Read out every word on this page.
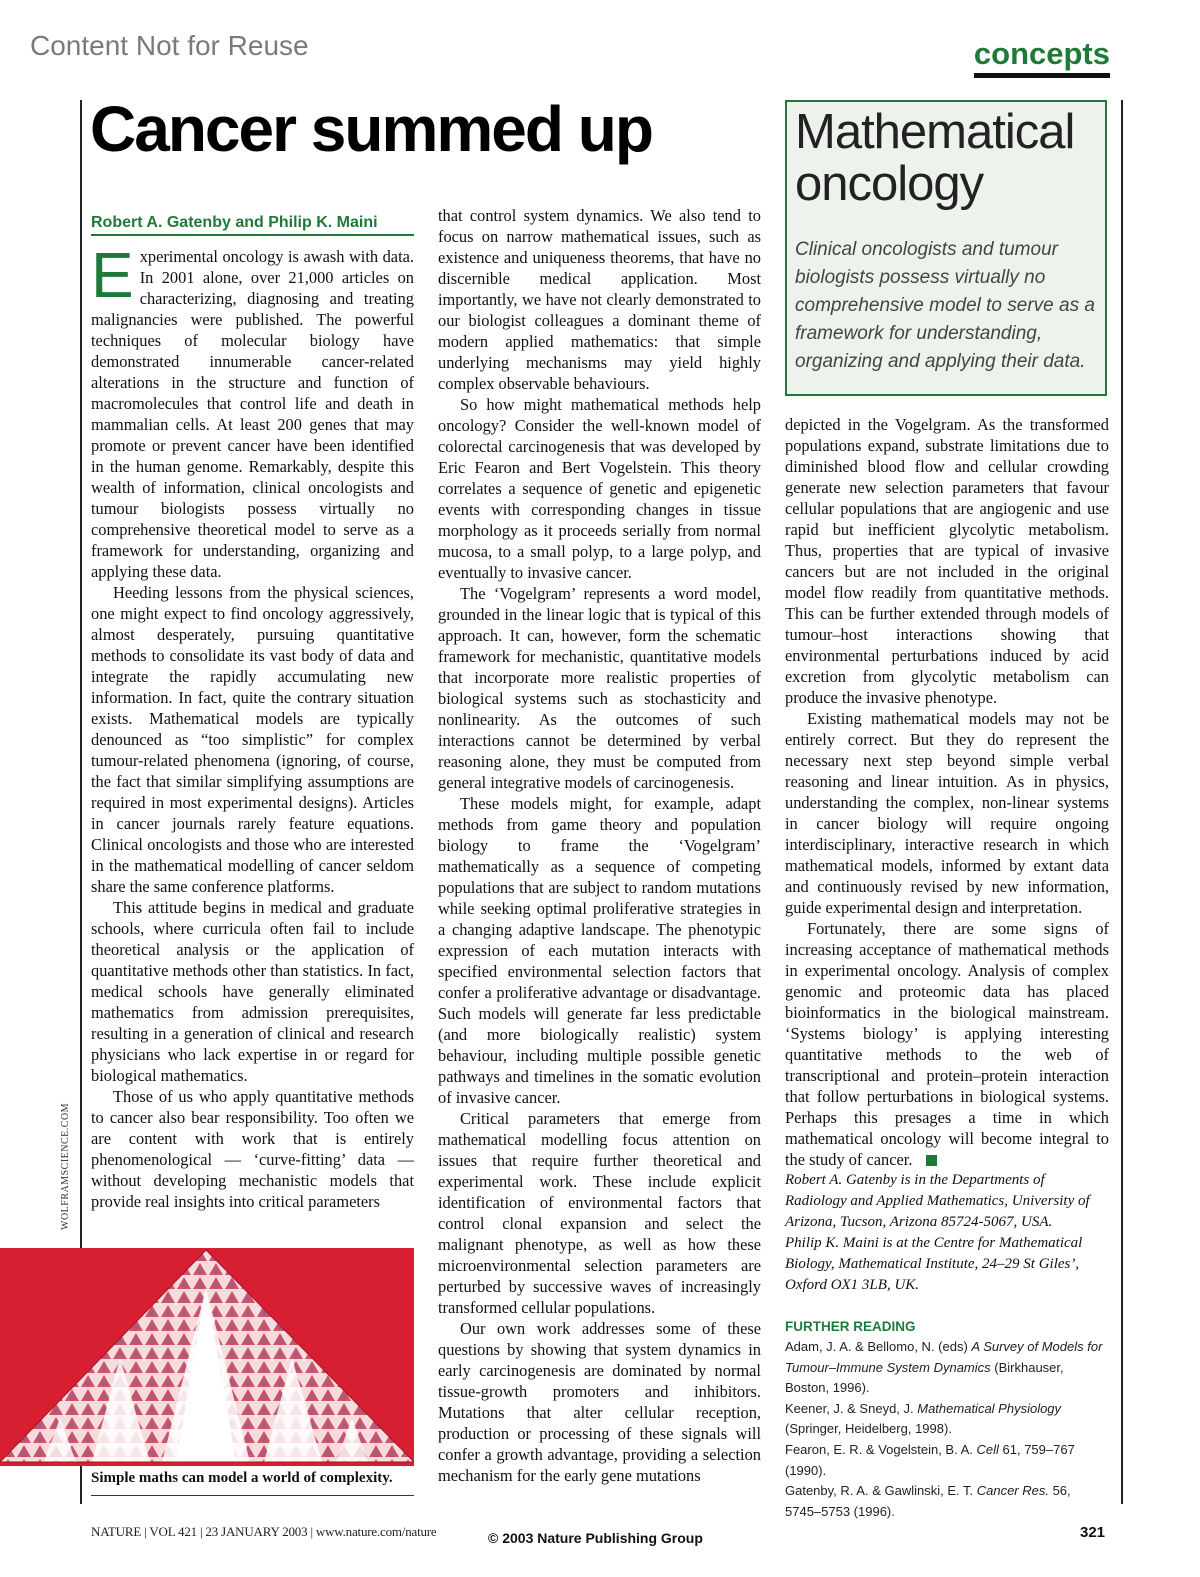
Content Not for Reuse	concepts
WOLFRAMSCIENCE.COM
Cancer summed up
Robert A. Gatenby and Philip K. Maini

Experimental oncology is awash with data. In 2001 alone, over 21,000 articles on characterizing, diagnosing and treating malignancies were published. The powerful techniques of molecular biology have demonstrated innumerable cancer-related alterations in the structure and function of macromolecules that control life and death in mammalian cells. At least 200 genes that may promote or prevent cancer have been identified in the human genome. Remarkably, despite this wealth of information, clinical oncologists and tumour biologists possess virtually no comprehensive theoretical model to serve as a framework for understanding, organizing and applying these data.

Heeding lessons from the physical sciences, one might expect to find oncology aggressively, almost desperately, pursuing quantitative methods to consolidate its vast body of data and integrate the rapidly accumulating new information. In fact, quite the contrary situation exists. Mathematical models are typically denounced as “too simplistic” for complex tumour-related phenomena (ignoring, of course, the fact that similar simplifying assumptions are required in most experimental designs). Articles in cancer journals rarely feature equations. Clinical oncologists and those who are interested in the mathematical modelling of cancer seldom share the same conference platforms.

This attitude begins in medical and graduate schools, where curricula often fail to include theoretical analysis or the application of quantitative methods other than statistics. In fact, medical schools have generally eliminated mathematics from admission prerequisites, resulting in a generation of clinical and research physicians who lack expertise in or regard for biological mathematics.

Those of us who apply quantitative methods to cancer also bear responsibility. Too often we are content with work that is entirely phenomenological — ‘curve-fitting’ data — without developing mechanistic models that provide real insights into critical parameters

Simple maths can model a world of complexity.

that control system dynamics. We also tend to focus on narrow mathematical issues, such as existence and uniqueness theorems, that have no discernible medical application. Most importantly, we have not clearly demonstrated to our biologist colleagues a dominant theme of modern applied mathematics: that simple underlying mechanisms may yield highly complex observable behaviours.

So how might mathematical methods help oncology? Consider the well-known model of colorectal carcinogenesis that was developed by Eric Fearon and Bert Vogelstein. This theory correlates a sequence of genetic and epigenetic events with corresponding changes in tissue morphology as it proceeds serially from normal mucosa, to a small polyp, to a large polyp, and eventually to invasive cancer.

The ‘Vogelgram’ represents a word model, grounded in the linear logic that is typical of this approach. It can, however, form the schematic framework for mechanistic, quantitative models that incorporate more realistic properties of biological systems such as stochasticity and nonlinearity. As the outcomes of such interactions cannot be determined by verbal reasoning alone, they must be computed from general integrative models of carcinogenesis.

These models might, for example, adapt methods from game theory and population biology to frame the ‘Vogelgram’ mathematically as a sequence of competing populations that are subject to random mutations while seeking optimal proliferative strategies in a changing adaptive landscape. The phenotypic expression of each mutation interacts with specified environmental selection factors that confer a proliferative advantage or disadvantage. Such models will generate far less predictable (and more biologically realistic) system behaviour, including multiple possible genetic pathways and timelines in the somatic evolution of invasive cancer.

Critical parameters that emerge from mathematical modelling focus attention on issues that require further theoretical and experimental work. These include explicit identification of environmental factors that control clonal expansion and select the malignant phenotype, as well as how these microenvironmental selection parameters are perturbed by successive waves of increasingly transformed cellular populations.

Our own work addresses some of these questions by showing that system dynamics in early carcinogenesis are dominated by normal tissue-growth promoters and inhibitors. Mutations that alter cellular reception, production or processing of these signals will confer a growth advantage, providing a selection mechanism for the early gene mutations

Mathematical
oncology
Clinical oncologists and tumour biologists possess virtually no comprehensive model to serve as a framework for understanding, organizing and applying their data.

depicted in the Vogelgram. As the transformed populations expand, substrate limitations due to diminished blood flow and cellular crowding generate new selection parameters that favour cellular populations that are angiogenic and use rapid but inefficient glycolytic metabolism. Thus, properties that are typical of invasive cancers but are not included in the original model flow readily from quantitative methods. This can be further extended through models of tumour–host interactions showing that environmental perturbations induced by acid excretion from glycolytic metabolism can produce the invasive phenotype.

Existing mathematical models may not be entirely correct. But they do represent the necessary next step beyond simple verbal reasoning and linear intuition. As in physics, understanding the complex, non-linear systems in cancer biology will require ongoing interdisciplinary, interactive research in which mathematical models, informed by extant data and continuously revised by new information, guide experimental design and interpretation.

Fortunately, there are some signs of increasing acceptance of mathematical methods in experimental oncology. Analysis of complex genomic and proteomic data has placed bioinformatics in the biological mainstream. ‘Systems biology’ is applying interesting quantitative methods to the web of transcriptional and protein–protein interaction that follow perturbations in biological systems. Perhaps this presages a time in which mathematical oncology will become integral to the study of cancer.

Robert A. Gatenby is in the Departments of Radiology and Applied Mathematics, University of Arizona, Tucson, Arizona 85724-5067, USA.

Philip K. Maini is at the Centre for Mathematical Biology, Mathematical Institute, 24–29 St Giles’, Oxford OX1 3LB, UK.

FURTHER READING
Adam, J. A. & Bellomo, N. (eds) A Survey of Models for Tumour–Immune System Dynamics (Birkhauser, Boston, 1996).
Keener, J. & Sneyd, J. Mathematical Physiology (Springer, Heidelberg, 1998).
Fearon, E. R. & Vogelstein, B. A. Cell 61, 759–767 (1990).
Gatenby, R. A. & Gawlinski, E. T. Cancer Res. 56, 5745–5753 (1996).
NATURE | VOL 421 | 23 JANUARY 2003 | www.nature.com/nature	© 2003 Nature Publishing Group	321
